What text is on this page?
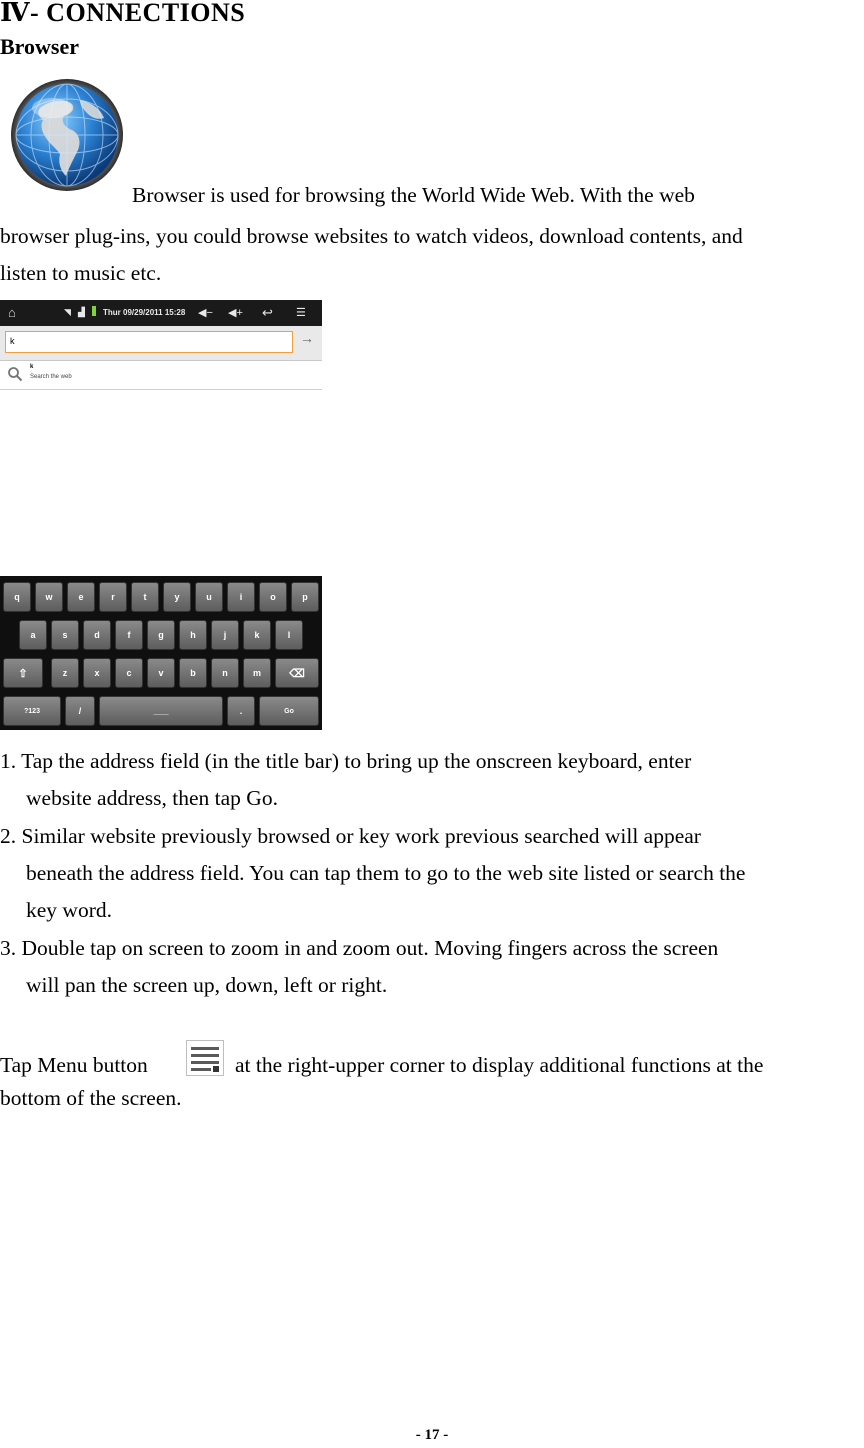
Ⅳ- CONNECTIONS
Browser
Browser is used for browsing the World Wide Web. With the web
browser plug-ins, you could browse websites to watch videos, download contents, and
listen to music etc.
⌂	◥ ▟ Thur 09/29/2011 15:28 ◀− ◀+ ↩ ☰
k	→
k
Search the web
q	w	e	r	t	y	u	i	o	p
a	s	d	f	g	h	j	k	l
⇧	z	x	c	v	b	n	m	⌫
?123	/	___	.	Go
1. Tap the address field (in the title bar) to bring up the onscreen keyboard, enter
website address, then tap Go.
2. Similar website previously browsed or key work previous searched will appear
beneath the address field. You can tap them to go to the web site listed or search the
key word.
3. Double tap on screen to zoom in and zoom out. Moving fingers across the screen
will pan the screen up, down, left or right.
Tap Menu button	at the right-upper corner to display additional functions at the
bottom of the screen.
- 17 -
